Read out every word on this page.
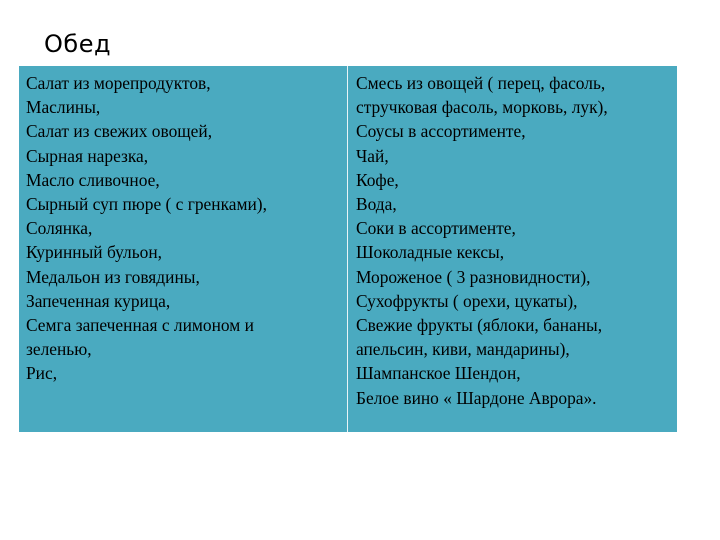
Обед
Салат из морепродуктов,
Маслины,
Салат из свежих овощей,
Сырная нарезка,
Масло сливочное,
Сырный суп пюре ( с гренками),
Солянка,
Куринный бульон,
Медальон из говядины,
Запеченная курица,
Семга запеченная с лимоном и
зеленью,
Рис,
Смесь из овощей ( перец, фасоль,
стручковая фасоль, морковь, лук),
Соусы в ассортименте,
Чай,
Кофе,
Вода,
Соки в ассортименте,
Шоколадные кексы,
Мороженое ( 3 разновидности),
Сухофрукты ( орехи, цукаты),
Свежие фрукты (яблоки, бананы,
апельсин, киви, мандарины),
Шампанское Шендон,
Белое вино « Шардоне Аврора».
